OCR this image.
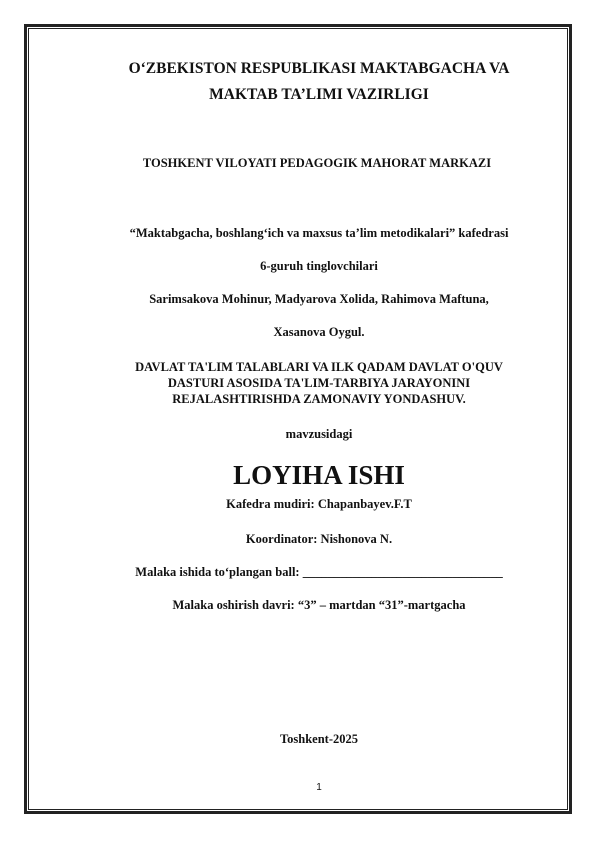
O‘ZBEKISTON RESPUBLIKASI MAKTABGACHA VA
MAKTAB TA’LIMI VAZIRLIGI
TOSHKENT VILOYATI PEDAGOGIK MAHORAT MARKAZI
“Maktabgacha, boshlang‘ich va maxsus ta’lim metodikalari” kafedrasi
6-guruh tinglovchilari
Sarimsakova Mohinur, Madyarova Xolida, Rahimova Maftuna,
Xasanova Oygul.
DAVLAT TA'LIM TALABLARI VA ILK QADAM DAVLAT O'QUV
DASTURI ASOSIDA TA'LIM-TARBIYA JARAYONINI
REJALASHTIRISHDA ZAMONAVIY YONDASHUV.
mavzusidagi
LOYIHA ISHI
Kafedra mudiri: Chapanbayev.F.T
Koordinator: Nishonova N.
Malaka ishida to‘plangan ball: ________________________________
Malaka oshirish davri: “3” – martdan “31”-martgacha
Toshkent-2025
1
